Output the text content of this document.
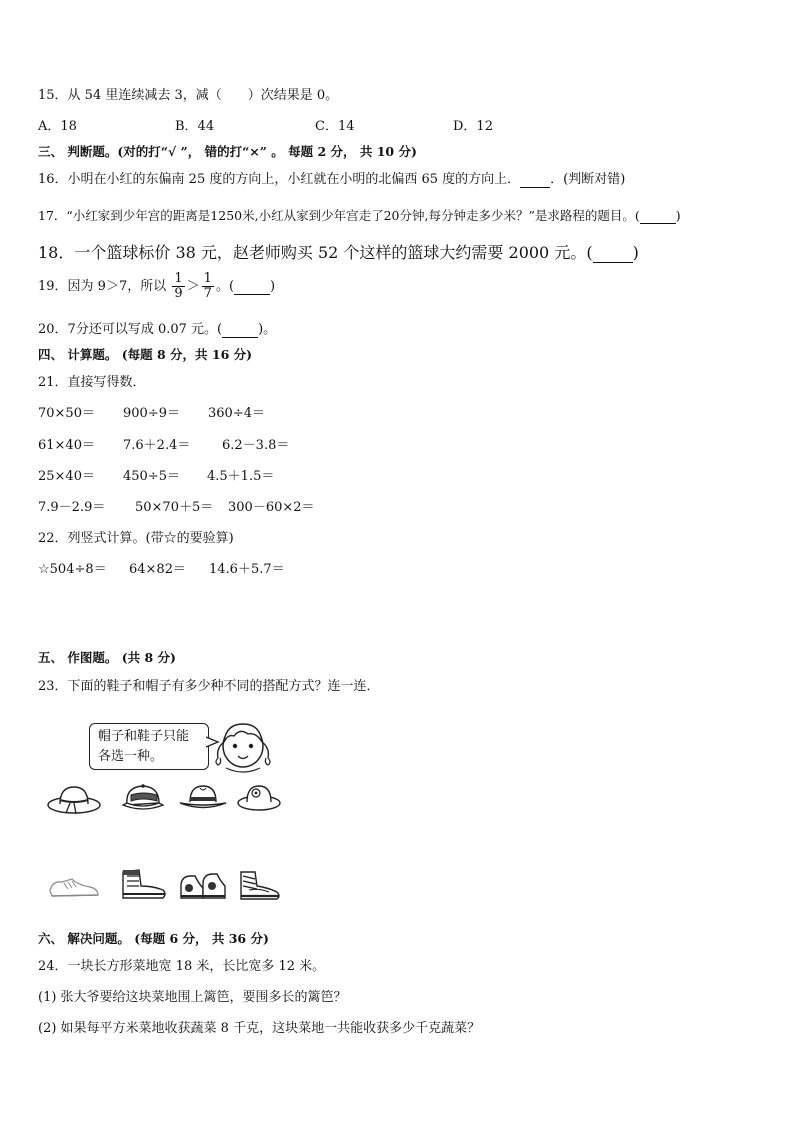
15．从 54 里连续减去 3，减（　　）次结果是 0。
A．18	B．44	C．14	D．12
三、 判断题。(对的打“√ ”， 错的打“×” 。 每题 2 分， 共 10 分)
16．小明在小红的东偏南 25 度的方向上，小红就在小明的北偏西 65 度的方向上． ．(判断对错)
17．“小红家到少年宫的距离是1250米,小红从家到少年宫走了20分钟,每分钟走多少米？”是求路程的题目。(	)
18．一个篮球标价 38 元，赵老师购买 52 个这样的篮球大约需要 2000 元。(	)
19．因为 9＞7，所以 $\frac{1}{9} > \frac{1}{7}$ 。(	)
20．7分还可以写成 0.07 元。(	)。
四、 计算题。 (每题 8 分，共 16 分)
21．直接写得数．
70×50＝ 900÷9＝ 360÷4＝
61×40＝ 7.6＋2.4＝ 6.2－3.8＝
25×40＝ 450÷5＝ 4.5＋1.5＝
7.9－2.9＝ 50×70＋5＝ 300－60×2＝
22．列竖式计算。(带☆的要验算)
☆504÷8＝ 64×82＝ 14.6＋5.7＝
五、 作图题。 (共 8 分)
23．下面的鞋子和帽子有多少种不同的搭配方式？连一连．
帽子和鞋子只能
各选一种。
六、 解决问题。 (每题 6 分， 共 36 分)
24．一块长方形菜地宽 18 米，长比宽多 12 米。
(1) 张大爷要给这块菜地围上篱笆，要围多长的篱笆？
(2) 如果每平方米菜地收获蔬菜 8 千克，这块菜地一共能收获多少千克蔬菜？
